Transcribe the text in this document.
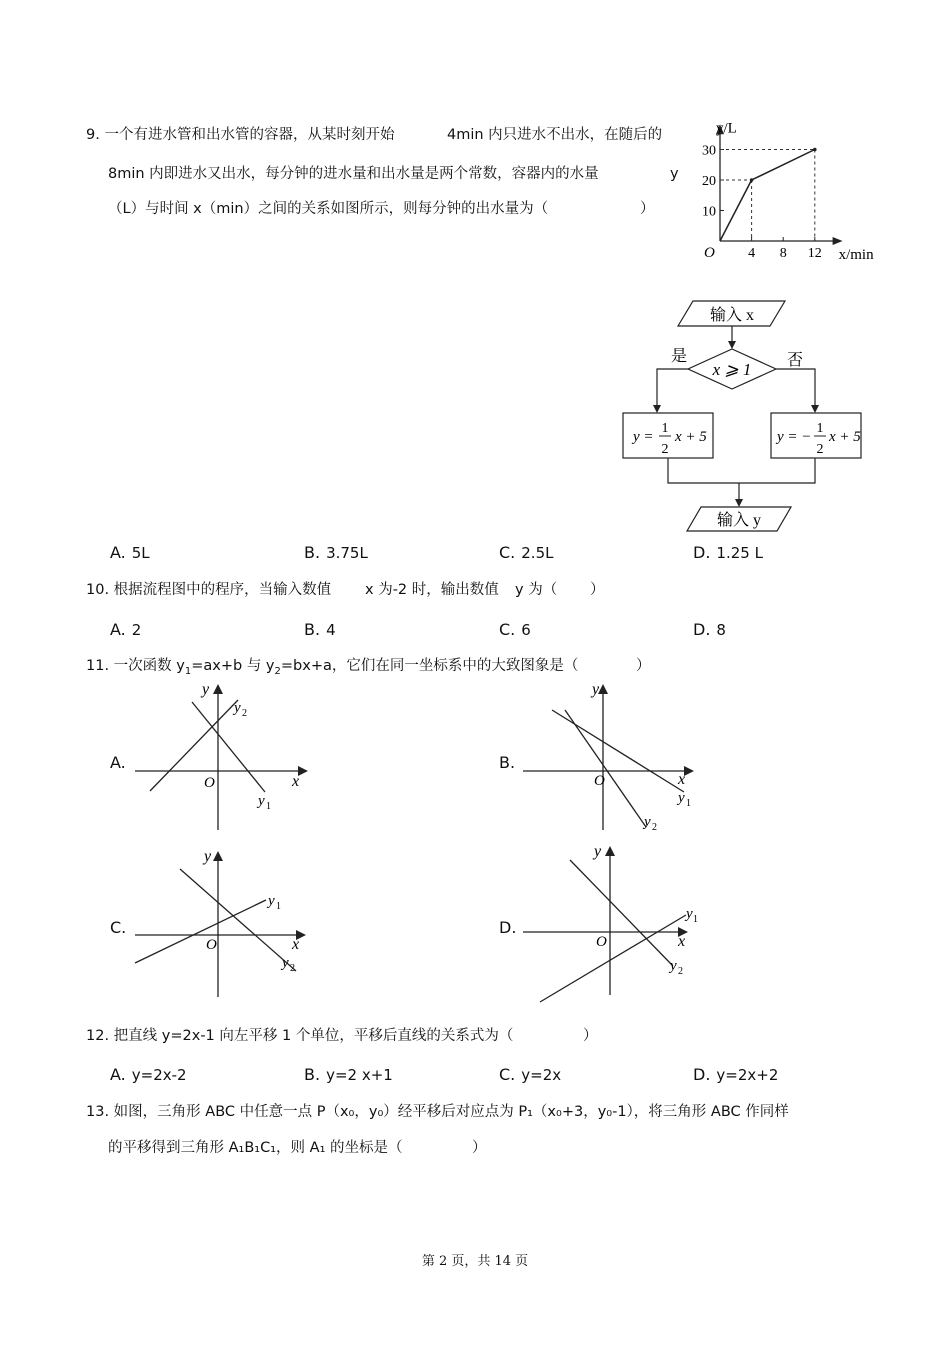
9. 一个有进水管和出水管的容器，从某时刻开始	4min 内只进水不出水，在随后的
8min 内即进水又出水，每分钟的进水量和出水量是两个常数，容器内的水量	y
（L）与时间 x（min）之间的关系如图所示，则每分钟的出水量为（	）
4 8 12
10
20
30
y/L
x/min
O
输入 x
x ⩾ 1
是	否
y =
1
2
x + 5	y = −
1
2
x + 5
输入 y
A. 5L	B. 3.75L	C. 2.5L	D. 1.25 L
10. 根据流程图中的程序，当输入数值 x 为-2 时，输出数值 y 为（ ）
A. 2	B. 4	C. 6	D. 8
11. 一次函数 $y_1=ax+b$ 与 $y_2=bx+a$，它们在同一坐标系中的大致图象是（	）
A.
y
x
O
y 2
y 1
B.
y
x
O
y 1
y 2
C.
y
x
O
y 1
y 2
D.
y
x
O
y 1
y 2
12. 把直线 y=2x-1 向左平移 1 个单位，平移后直线的关系式为（	）
A. y=2x-2	B. y=2 x+1	C. y=2x	D. y=2x+2
13. 如图，三角形 ABC 中任意一点 P（x₀，y₀）经平移后对应点为 P₁（x₀+3，y₀-1），将三角形 ABC 作同样
的平移得到三角形 A₁B₁C₁，则 A₁ 的坐标是（	）
第 2 页，共 14 页
